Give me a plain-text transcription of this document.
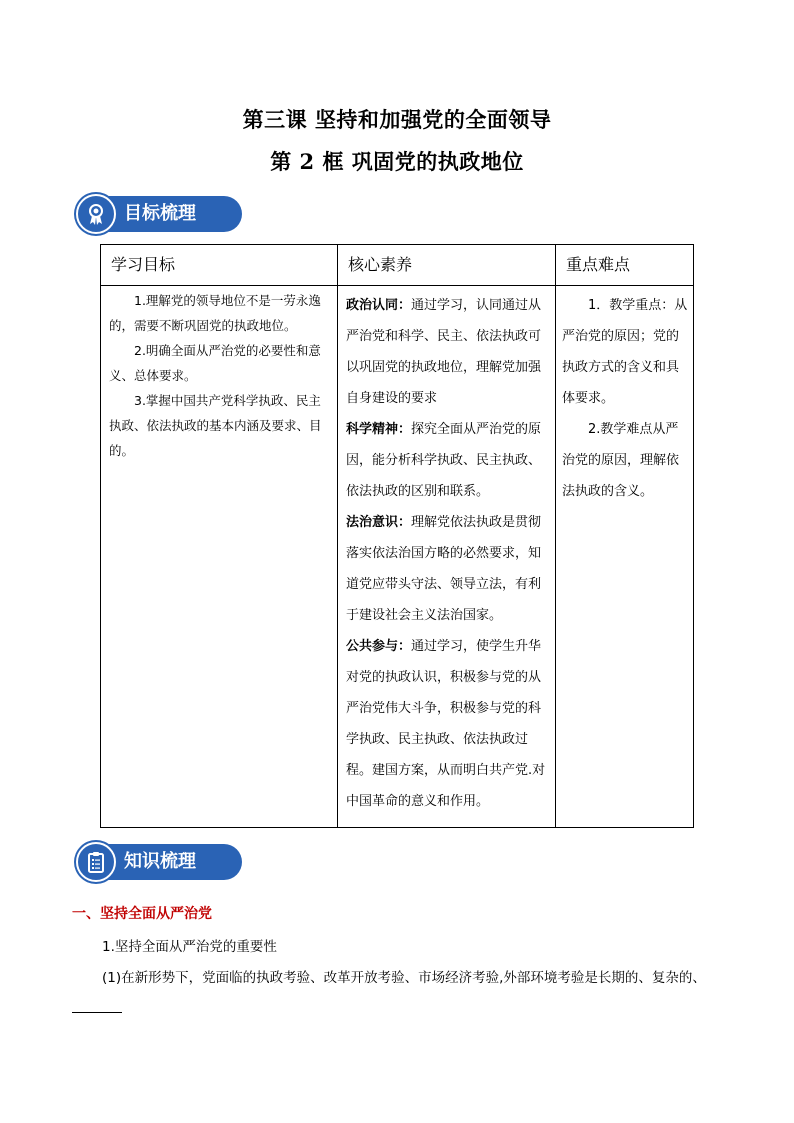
第三课 坚持和加强党的全面领导
第 2 框 巩固党的执政地位
目标梳理
学习目标

1.理解党的领导地位不是一劳永逸的，需要不断巩固党的执政地位。

2.明确全面从严治党的必要性和意义、总体要求。

3.掌握中国共产党科学执政、民主执政、依法执政的基本内涵及要求、目的。

核心素养

政治认同：通过学习，认同通过从严治党和科学、民主、依法执政可以巩固党的执政地位，理解党加强自身建设的要求

科学精神：探究全面从严治党的原因，能分析科学执政、民主执政、依法执政的区别和联系。

法治意识：理解党依法执政是贯彻落实依法治国方略的必然要求，知道党应带头守法、领导立法，有利于建设社会主义法治国家。

公共参与：通过学习，使学生升华对党的执政认识，积极参与党的从严治党伟大斗争，积极参与党的科学执政、民主执政、依法执政过程。建国方案，从而明白共产党.对中国革命的意义和作用。

重点难点

1．教学重点：从严治党的原因；党的执政方式的含义和具体要求。

2.教学难点从严治党的原因，理解依法执政的含义。

知识梳理
一、坚持全面从严治党
1.坚持全面从严治党的重要性
(1)在新形势下，党面临的执政考验、改革开放考验、市场经济考验,外部环境考验是长期的、复杂的、
